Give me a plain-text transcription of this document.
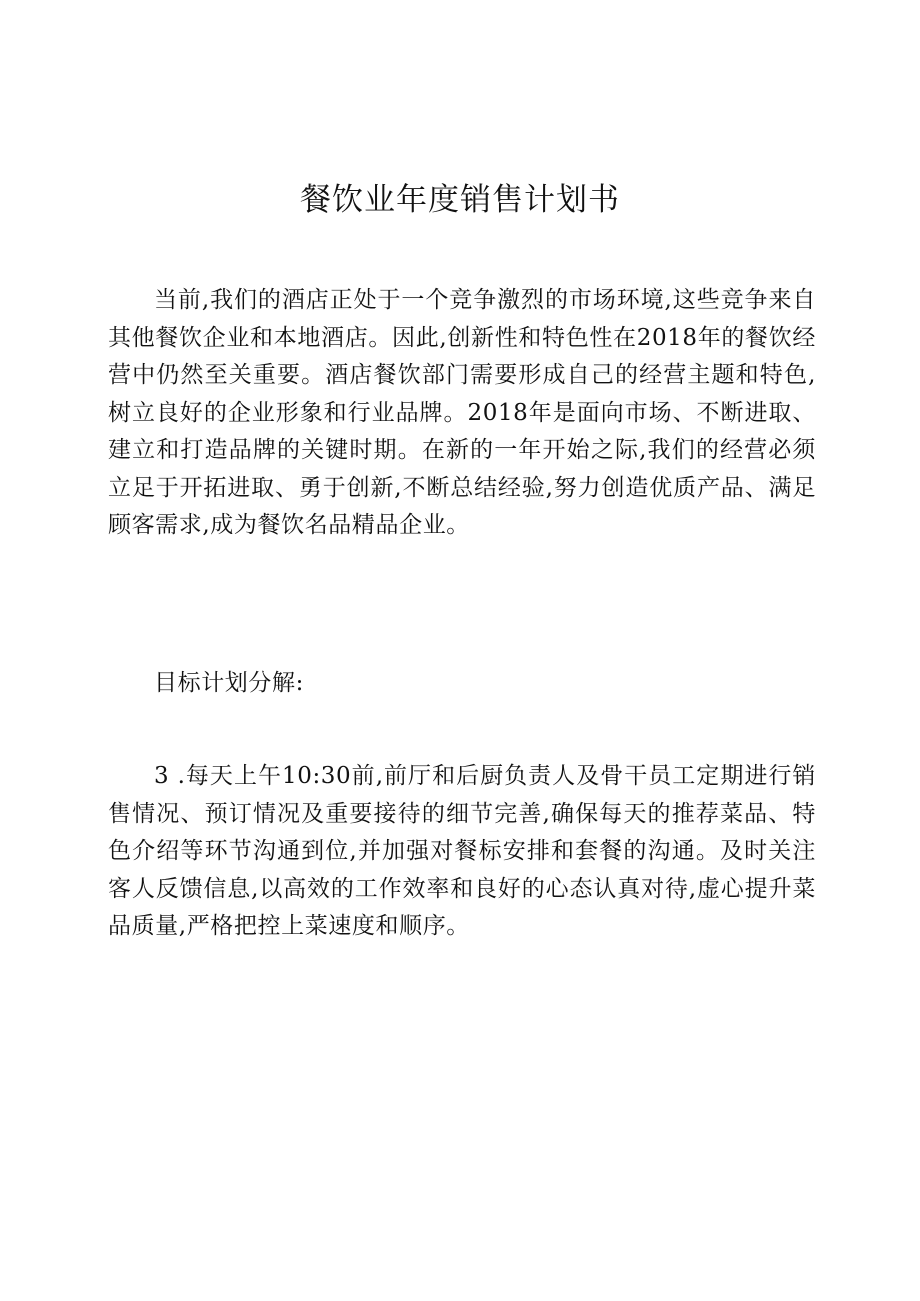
餐饮业年度销售计划书

当前,我们的酒店正处于一个竞争激烈的市场环境,这些竞争来自其他餐饮企业和本地酒店。因此,创新性和特色性在2018年的餐饮经营中仍然至关重要。酒店餐饮部门需要形成自己的经营主题和特色,树立良好的企业形象和行业品牌。2018年是面向市场、不断进取、建立和打造品牌的关键时期。在新的一年开始之际,我们的经营必须立足于开拓进取、勇于创新,不断总结经验,努力创造优质产品、满足顾客需求,成为餐饮名品精品企业。

目标计划分解:

3 .每天上午10:30前,前厅和后厨负责人及骨干员工定期进行销售情况、预订情况及重要接待的细节完善,确保每天的推荐菜品、特色介绍等环节沟通到位,并加强对餐标安排和套餐的沟通。及时关注客人反馈信息,以高效的工作效率和良好的心态认真对待,虚心提升菜品质量,严格把控上菜速度和顺序。
